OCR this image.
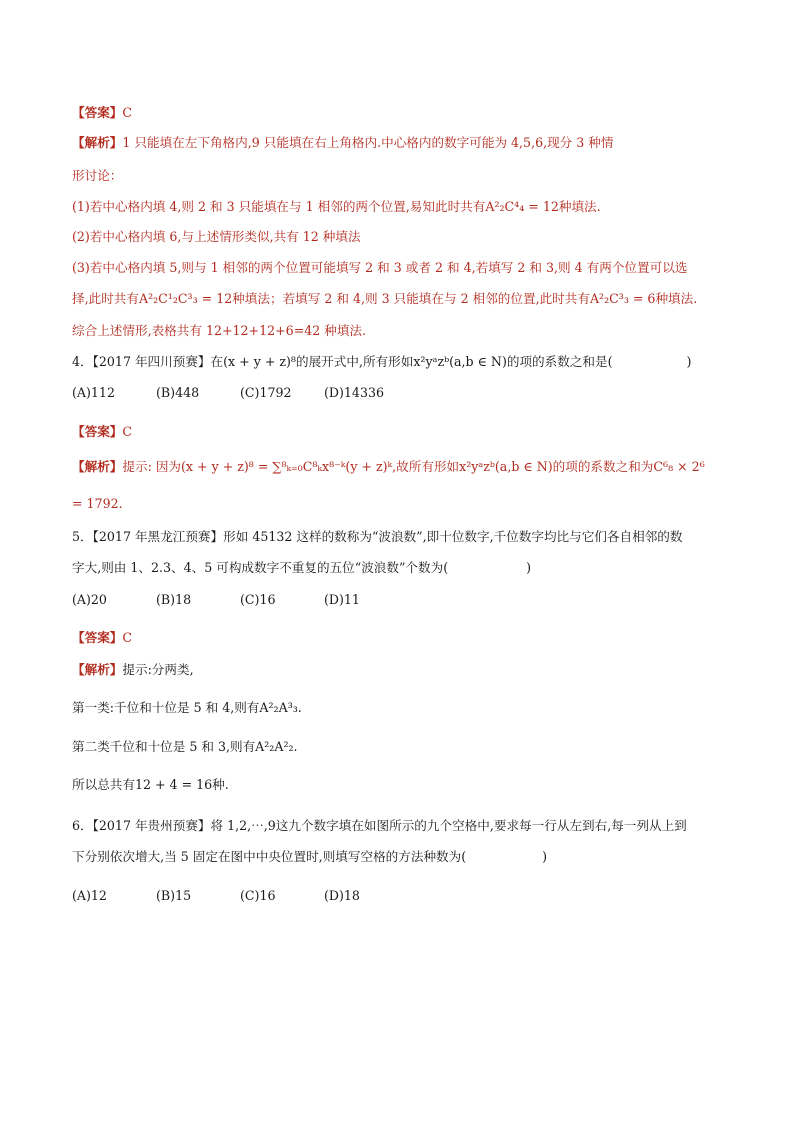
【答案】C
【解析】1 只能填在左下角格内,9 只能填在右上角格内.中心格内的数字可能为 4,5,6,现分 3 种情
形讨论：
(1)若中心格内填 4,则 2 和 3 只能填在与 1 相邻的两个位置,易知此时共有A²₂C⁴₄ = 12种填法.
(2)若中心格内填 6,与上述情形类似,共有 12 种填法
(3)若中心格内填 5,则与 1 相邻的两个位置可能填写 2 和 3 或者 2 和 4,若填写 2 和 3,则 4 有两个位置可以选
择,此时共有A²₂C¹₂C³₃ = 12种填法；若填写 2 和 4,则 3 只能填在与 2 相邻的位置,此时共有A²₂C³₃ = 6种填法.
综合上述情形,表格共有 12+12+12+6=42 种填法.
4．【2017 年四川预赛】在(x + y + z)⁸的展开式中,所有形如x²yᵃzᵇ(a,b ∈ N)的项的系数之和是(	)
(A)112	(B)448	(C)1792	(D)14336
【答案】C
【解析】提示: 因为(x + y + z)⁸ = ∑⁸ₖ₌₀C⁸ₖx⁸⁻ᵏ(y + z)ᵏ,故所有形如x²yᵃzᵇ(a,b ∈ N)的项的系数之和为C⁶₈ × 2⁶
= 1792.
5．【2017 年黑龙江预赛】形如 45132 这样的数称为“波浪数”,即十位数字,千位数字均比与它们各自相邻的数
字大,则由 1、2.3、4、5 可构成数字不重复的五位“波浪数”个数为(	)
(A)20	(B)18	(C)16	(D)11
【答案】C
【解析】提示:分两类,
第一类:千位和十位是 5 和 4,则有A²₂A³₃.
第二类千位和十位是 5 和 3,则有A²₂A²₂.
所以总共有12 + 4 = 16种.
6．【2017 年贵州预赛】将 1,2,⋯,9这九个数字填在如图所示的九个空格中,要求每一行从左到右,每一列从上到
下分别依次增大,当 5 固定在图中中央位置时,则填写空格的方法种数为(	)
(A)12	(B)15	(C)16	(D)18
